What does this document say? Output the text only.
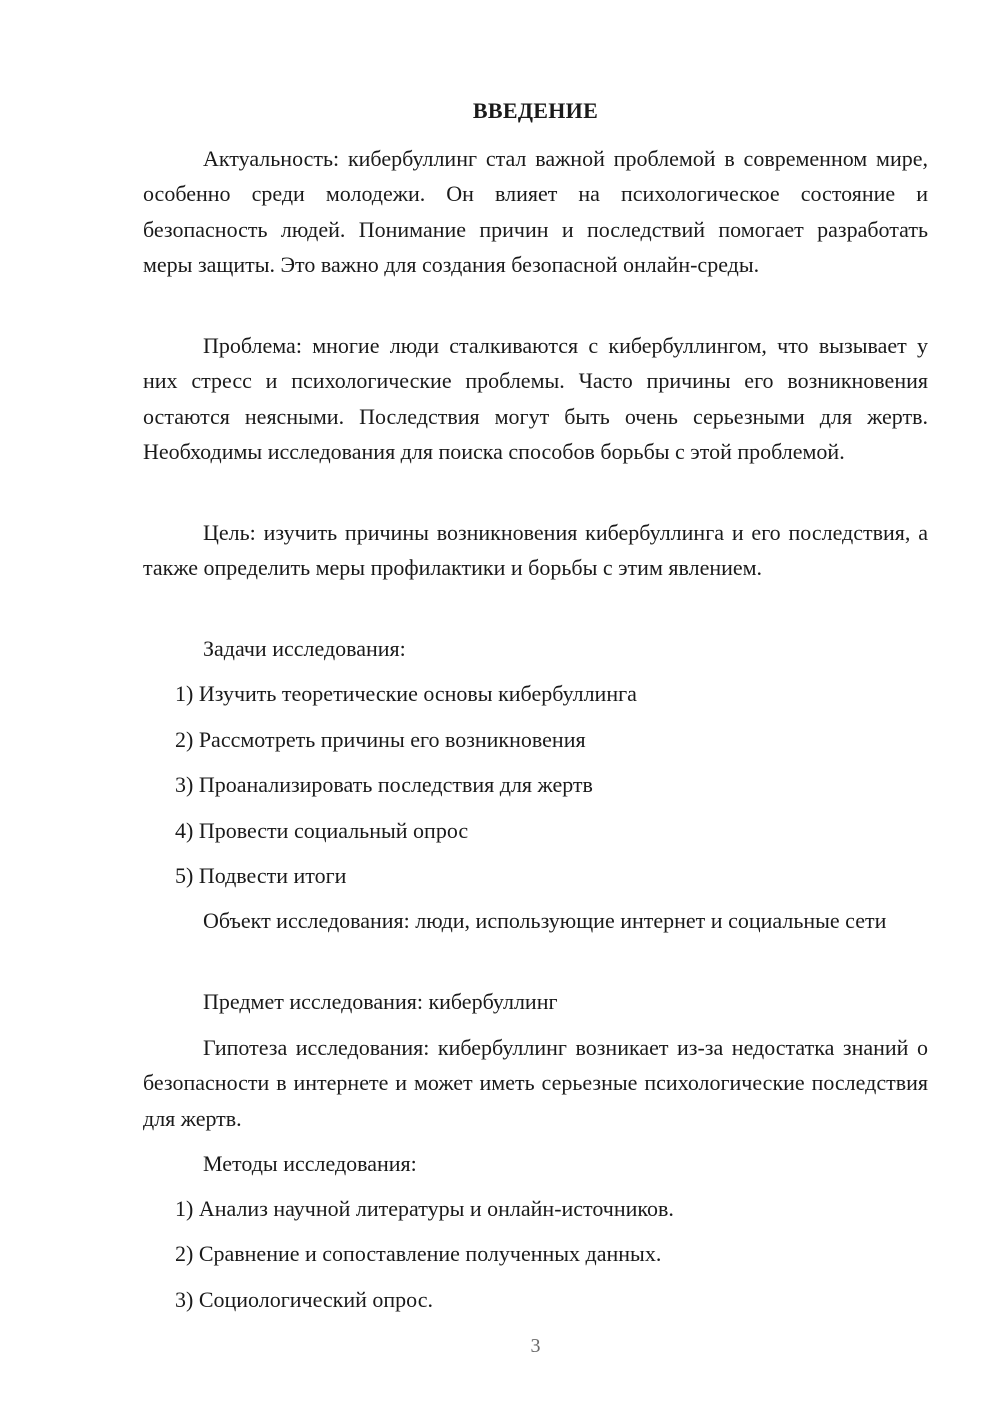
ВВЕДЕНИЕ

Актуальность: кибербуллинг стал важной проблемой в современном мире, особенно среди молодежи. Он влияет на психологическое состояние и безопасность людей. Понимание причин и последствий помогает разработать меры защиты. Это важно для создания безопасной онлайн-среды.

Проблема: многие люди сталкиваются с кибербуллингом, что вызывает у них стресс и психологические проблемы. Часто причины его возникновения остаются неясными. Последствия могут быть очень серьезными для жертв. Необходимы исследования для поиска способов борьбы с этой проблемой.

Цель: изучить причины возникновения кибербуллинга и его последствия, а также определить меры профилактики и борьбы с этим явлением.

Задачи исследования:

1) Изучить теоретические основы кибербуллинга

2) Рассмотреть причины его возникновения

3) Проанализировать последствия для жертв

4) Провести социальный опрос

5) Подвести итоги

Объект исследования: люди, использующие интернет и социальные сети

Предмет исследования: кибербуллинг

Гипотеза исследования: кибербуллинг возникает из-за недостатка знаний о безопасности в интернете и может иметь серьезные психологические последствия для жертв.

Методы исследования:

1) Анализ научной литературы и онлайн-источников.

2) Сравнение и сопоставление полученных данных.

3) Социологический опрос.

3
